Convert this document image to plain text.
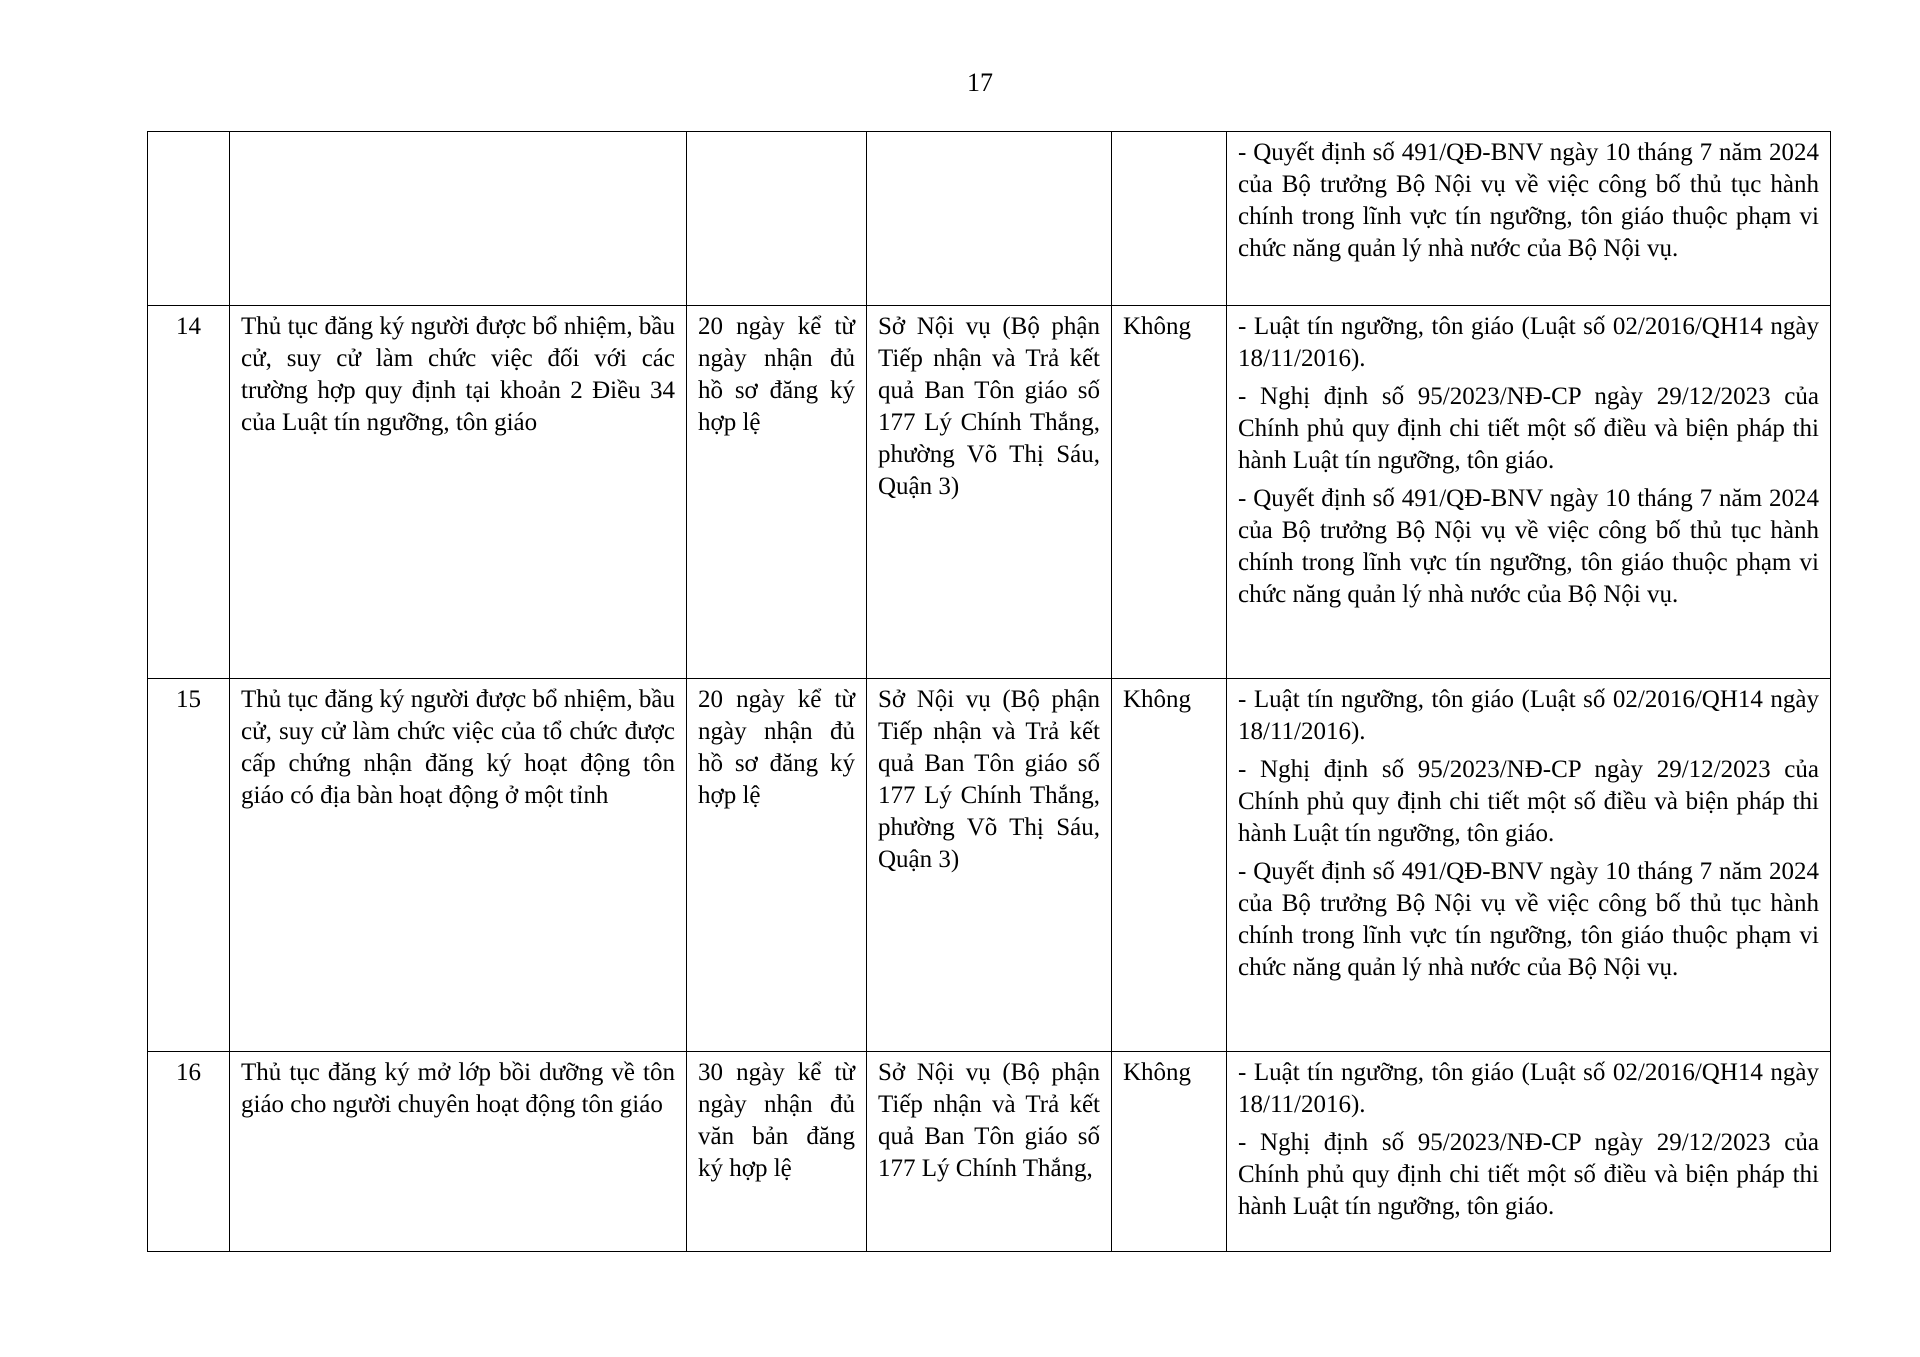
17

					- Quyết định số 491/QĐ-BNV ngày 10 tháng 7 năm 2024 của Bộ trưởng Bộ Nội vụ về việc công bố thủ tục hành chính trong lĩnh vực tín ngưỡng, tôn giáo thuộc phạm vi chức năng quản lý nhà nước của Bộ Nội vụ.

14	Thủ tục đăng ký người được bổ nhiệm, bầu cử, suy cử làm chức việc đối với các trường hợp quy định tại khoản 2 Điều 34 của Luật tín ngưỡng, tôn giáo	20 ngày kể từ ngày nhận đủ hồ sơ đăng ký hợp lệ	Sở Nội vụ (Bộ phận Tiếp nhận và Trả kết quả Ban Tôn giáo số 177 Lý Chính Thắng, phường Võ Thị Sáu, Quận 3)	Không	- Luật tín ngưỡng, tôn giáo (Luật số 02/2016/QH14 ngày 18/11/2016).
- Nghị định số 95/2023/NĐ-CP ngày 29/12/2023 của Chính phủ quy định chi tiết một số điều và biện pháp thi hành Luật tín ngưỡng, tôn giáo.
- Quyết định số 491/QĐ-BNV ngày 10 tháng 7 năm 2024 của Bộ trưởng Bộ Nội vụ về việc công bố thủ tục hành chính trong lĩnh vực tín ngưỡng, tôn giáo thuộc phạm vi chức năng quản lý nhà nước của Bộ Nội vụ.

15	Thủ tục đăng ký người được bổ nhiệm, bầu cử, suy cử làm chức việc của tổ chức được cấp chứng nhận đăng ký hoạt động tôn giáo có địa bàn hoạt động ở một tỉnh	20 ngày kể từ ngày nhận đủ hồ sơ đăng ký hợp lệ	Sở Nội vụ (Bộ phận Tiếp nhận và Trả kết quả Ban Tôn giáo số 177 Lý Chính Thắng, phường Võ Thị Sáu, Quận 3)	Không	- Luật tín ngưỡng, tôn giáo (Luật số 02/2016/QH14 ngày 18/11/2016).
- Nghị định số 95/2023/NĐ-CP ngày 29/12/2023 của Chính phủ quy định chi tiết một số điều và biện pháp thi hành Luật tín ngưỡng, tôn giáo.
- Quyết định số 491/QĐ-BNV ngày 10 tháng 7 năm 2024 của Bộ trưởng Bộ Nội vụ về việc công bố thủ tục hành chính trong lĩnh vực tín ngưỡng, tôn giáo thuộc phạm vi chức năng quản lý nhà nước của Bộ Nội vụ.

16	Thủ tục đăng ký mở lớp bồi dưỡng về tôn giáo cho người chuyên hoạt động tôn giáo	30 ngày kể từ ngày nhận đủ văn bản đăng ký hợp lệ	Sở Nội vụ (Bộ phận Tiếp nhận và Trả kết quả Ban Tôn giáo số 177 Lý Chính Thắng,	Không	- Luật tín ngưỡng, tôn giáo (Luật số 02/2016/QH14 ngày 18/11/2016).
- Nghị định số 95/2023/NĐ-CP ngày 29/12/2023 của Chính phủ quy định chi tiết một số điều và biện pháp thi hành Luật tín ngưỡng, tôn giáo.
